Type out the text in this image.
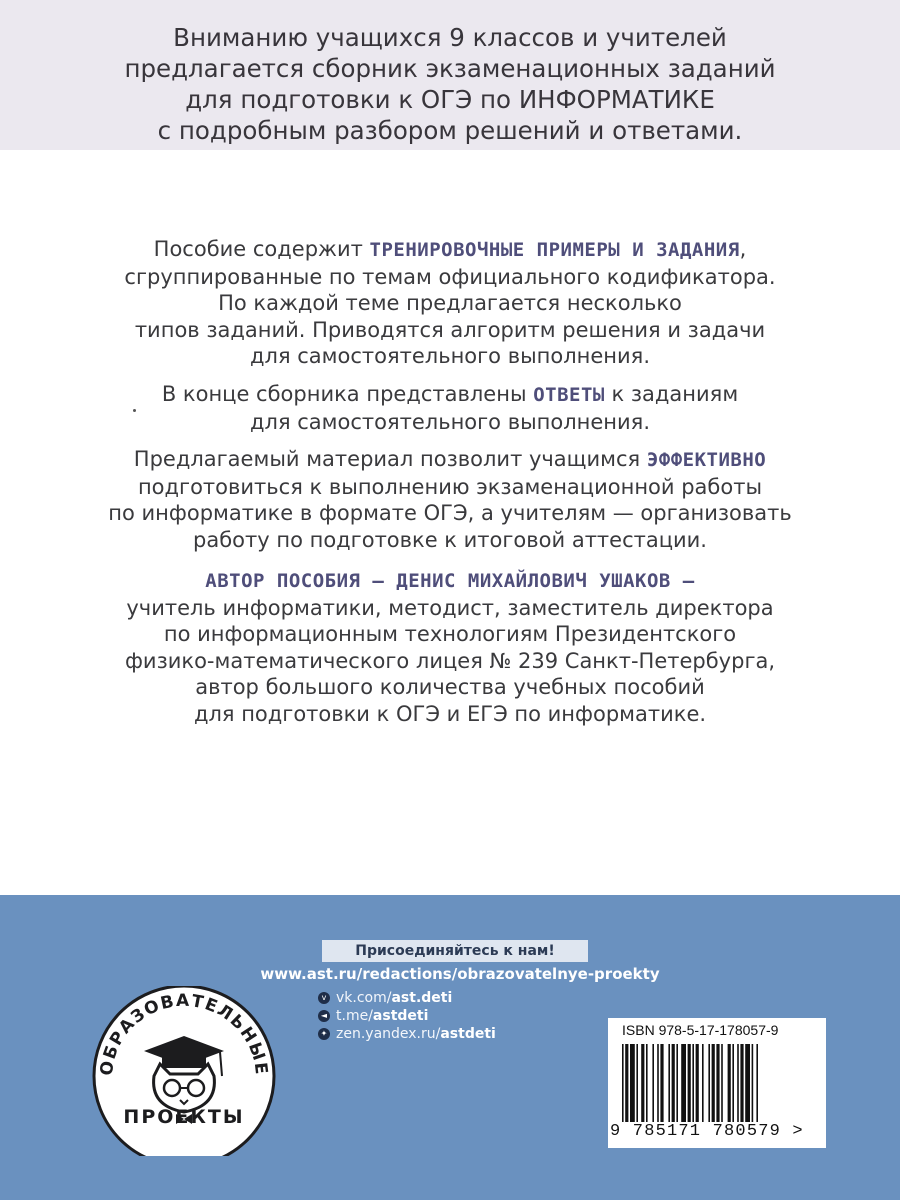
Вниманию учащихся 9 классов и учителей
предлагается сборник экзаменационных заданий
для подготовки к ОГЭ по ИНФОРМАТИКЕ
с подробным разбором решений и ответами.
Пособие содержит ТРЕНИРОВОЧНЫЕ ПРИМЕРЫ И ЗАДАНИЯ,
сгруппированные по темам официального кодификатора.
По каждой теме предлагается несколько
типов заданий. Приводятся алгоритм решения и задачи
для самостоятельного выполнения.
В конце сборника представлены ОТВЕТЫ к заданиям
для самостоятельного выполнения.
Предлагаемый материал позволит учащимся ЭФФЕКТИВНО
подготовиться к выполнению экзаменационной работы
по информатике в формате ОГЭ, а учителям — организовать
работу по подготовке к итоговой аттестации.
АВТОР ПОСОБИЯ — ДЕНИС МИХАЙЛОВИЧ УШАКОВ —
учитель информатики, методист, заместитель директора
по информационным технологиям Президентского
физико-математического лицея № 239 Санкт-Петербурга,
автор большого количества учебных пособий
для подготовки к ОГЭ и ЕГЭ по информатике.
Присоединяйтесь к нам!
www.ast.ru/redactions/obrazovatelnye-proekty
v vk.com/ast.deti
◄ t.me/astdeti
✦ zen.yandex.ru/astdeti
ОБРАЗОВАТЕЛЬНЫЕ
ПРОЕКТЫ
ISBN 978-5-17-178057-9
9 785171 780579 >
